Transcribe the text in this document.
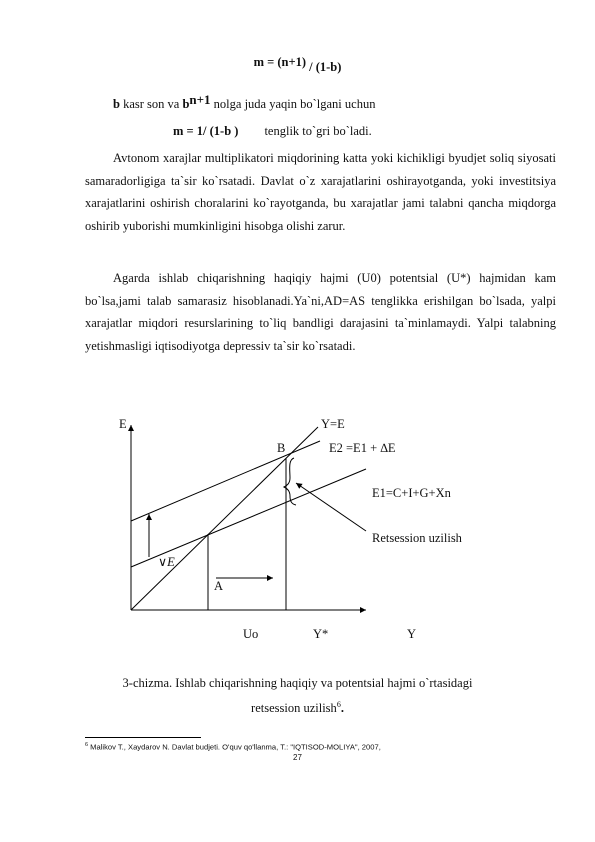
m = (n+1) / (1-b)
b kasr son va bn+1 nolga juda yaqin bo`lgani uchun
m = 1/ (1-b ) tenglik to`gri bo`ladi.
Avtonom xarajlar multiplikatori miqdorining katta yoki kichikligi byudjet soliq siyosati samaradorligiga ta`sir ko`rsatadi. Davlat o`z xarajatlarini oshirayotganda, yoki investitsiya xarajatlarini oshirish choralarini ko`rayotganda, bu xarajatlar jami talabni qancha miqdorga oshirib yuborishi mumkinligini hisobga olishi zarur.
Agarda ishlab chiqarishning haqiqiy hajmi (U0) potentsial (U*) hajmidan kam bo`lsa,jami talab samarasiz hisoblanadi.Ya`ni,AD=AS tenglikka erishilgan bo`lsada, yalpi xarajatlar miqdori resurslarining to`liq bandligi darajasini ta`minlamaydi. Yalpi talabning yetishmasligi iqtisodiyotga depressiv ta`sir ko`rsatadi.
E	Y=E
B	E2 =E1 + ∆E
E1=C+I+G+Xn
Retsession uzilish
∨E
A
Uo	Y*	Y
3-chizma. Ishlab chiqarishning haqiqiy va potentsial hajmi o`rtasidagi
retsession uzilish$^6$.
$^6$ Malikov T., Xaydarov N. Davlat budjeti. O'quv qo'llanma, T.: "IQTISOD-MOLIYA", 2007,
27
